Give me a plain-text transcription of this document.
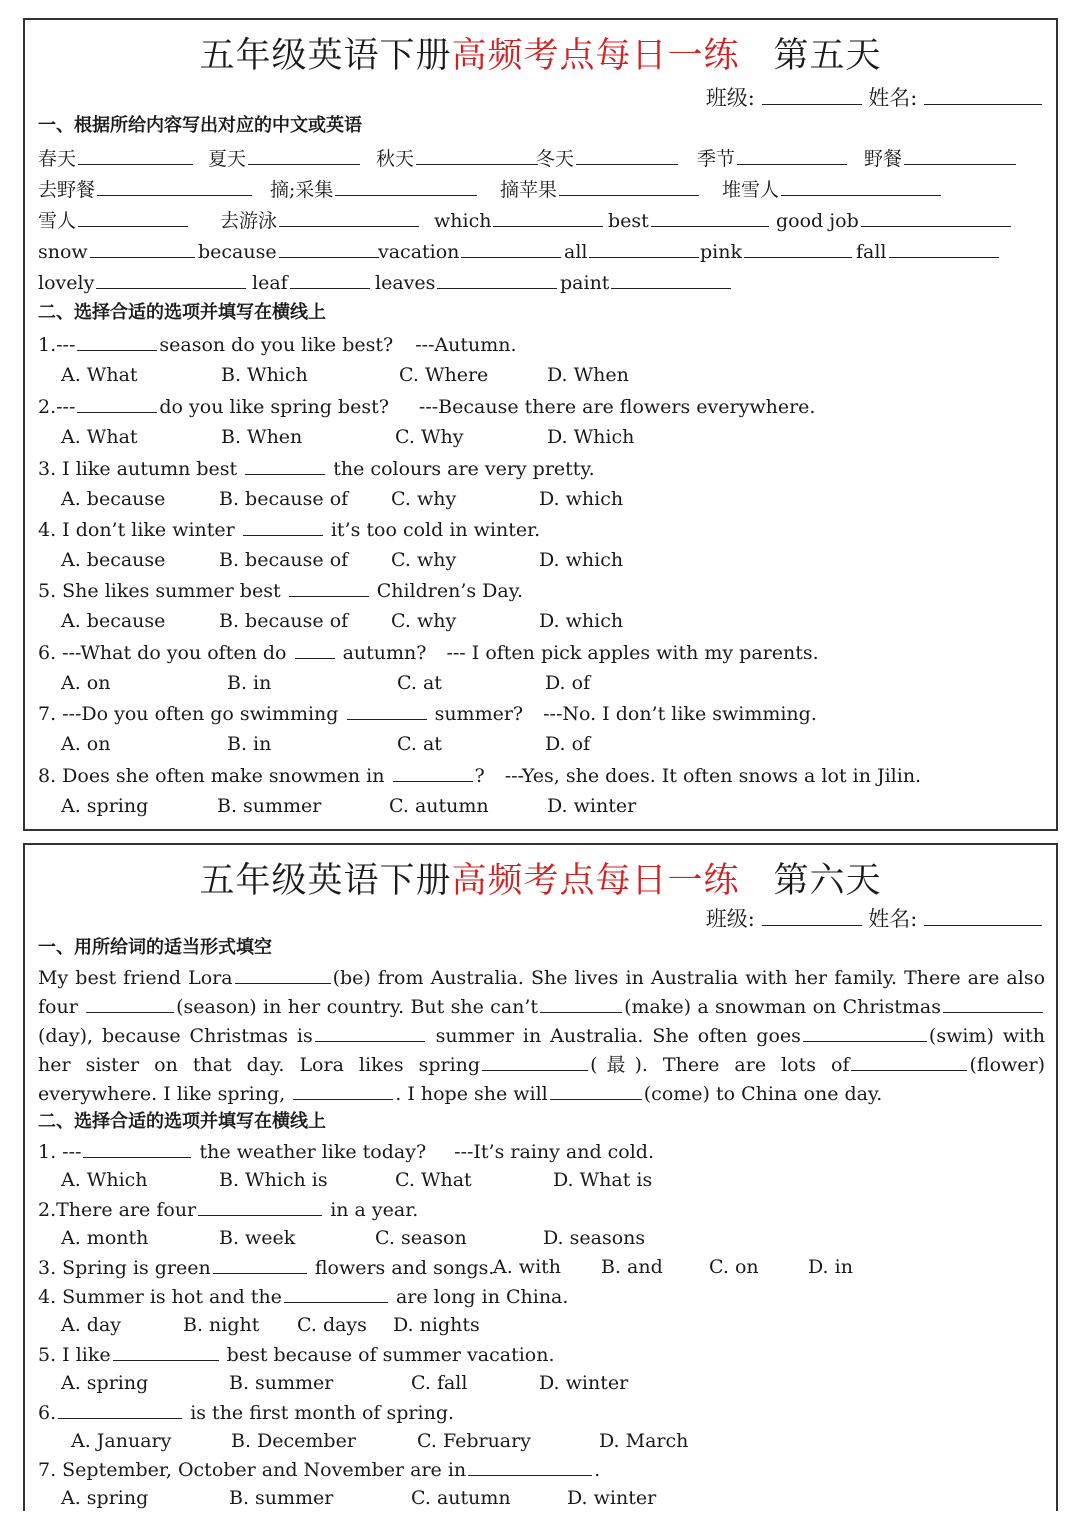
五年级英语下册高频考点每日一练 第五天
班级:	姓名:
一、根据所给内容写出对应的中文或英语
春天	夏天	秋天	冬天	季节	野餐
去野餐	摘;采集	摘苹果	堆雪人
雪人	去游泳	which	best	good job
snow	because	vacation	all	pink	fall
lovely	leaf	leaves	paint
二、选择合适的选项并填写在横线上
1.---	season do you like best? ---Autumn.
A. What	B. Which	C. Where	D. When
2.---	do you like spring best? ---Because there are flowers everywhere.
A. What	B. When	C. Why	D. Which
3. I like autumn best	the colours are very pretty.
A. because	B. because of C. why	D. which
4. I don’t like winter	it’s too cold in winter.
A. because	B. because of C. why	D. which
5. She likes summer best	Children’s Day.
A. because	B. because of C. why	D. which
6. ---What do you often do	autumn? --- I often pick apples with my parents.
A. on	B. in	C. at	D. of
7. ---Do you often go swimming	summer? ---No. I don’t like swimming.
A. on	B. in	C. at	D. of
8. Does she often make snowmen in	? ---Yes, she does. It often snows a lot in Jilin.
A. spring	B. summer	C. autumn	D. winter
五年级英语下册高频考点每日一练 第六天
班级:	姓名:
一、用所给词的适当形式填空
My best friend Lora	(be) from Australia. She lives in Australia with her family. There are also four	(season) in her country. But she can’t	(make) a snowman on Christmas(day), because Christmas is	summer in Australia. She often goes	(swim) with her sister on that day. Lora likes spring	(最). There are lots of	(flower) everywhere. I like spring,	. I hope she will	(come) to China one day.
二、选择合适的选项并填写在横线上
1. ---	the weather like today? ---It’s rainy and cold.
A. Which	B. Which is	C. What	D. What is
2.There are four	in a year.
A. month	B. week	C. season	D. seasons
3. Spring is green	flowers and songs.
A. with B. and C. on	D. in
4. Summer is hot and the	are long in China.
A. day	B. night C. days D. nights
5. I like	best because of summer vacation.
A. spring	B. summer	C. fall	D. winter
6.	is the first month of spring.
A. January	B. December	C. February	D. March
7. September, October and November are in	.
A. spring	B. summer	C. autumn	D. winter
